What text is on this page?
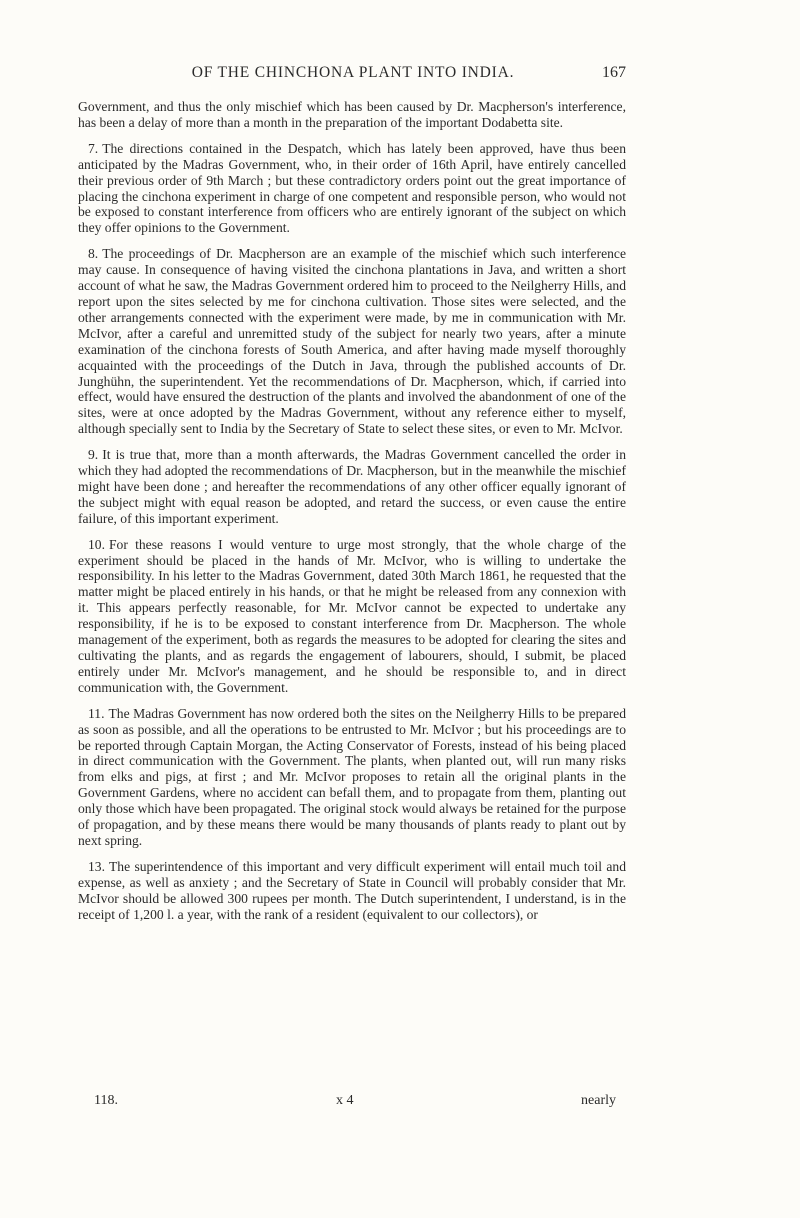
OF THE CHINCHONA PLANT INTO INDIA.	167

Government, and thus the only mischief which has been caused by Dr. Macpherson's interference, has been a delay of more than a month in the preparation of the important Dodabetta site.

7. The directions contained in the Despatch, which has lately been approved, have thus been anticipated by the Madras Government, who, in their order of 16th April, have entirely cancelled their previous order of 9th March ; but these contradictory orders point out the great importance of placing the cinchona experiment in charge of one competent and responsible person, who would not be exposed to constant interference from officers who are entirely ignorant of the subject on which they offer opinions to the Government.

8. The proceedings of Dr. Macpherson are an example of the mischief which such interference may cause. In consequence of having visited the cinchona plantations in Java, and written a short account of what he saw, the Madras Government ordered him to proceed to the Neilgherry Hills, and report upon the sites selected by me for cinchona cultivation. Those sites were selected, and the other arrangements connected with the experiment were made, by me in communication with Mr. McIvor, after a careful and unremitted study of the subject for nearly two years, after a minute examination of the cinchona forests of South America, and after having made myself thoroughly acquainted with the proceedings of the Dutch in Java, through the published accounts of Dr. Junghühn, the superintendent. Yet the recommendations of Dr. Macpherson, which, if carried into effect, would have ensured the destruction of the plants and involved the abandonment of one of the sites, were at once adopted by the Madras Government, without any reference either to myself, although specially sent to India by the Secretary of State to select these sites, or even to Mr. McIvor.

9. It is true that, more than a month afterwards, the Madras Government cancelled the order in which they had adopted the recommendations of Dr. Macpherson, but in the meanwhile the mischief might have been done ; and hereafter the recommendations of any other officer equally ignorant of the subject might with equal reason be adopted, and retard the success, or even cause the entire failure, of this important experiment.

10. For these reasons I would venture to urge most strongly, that the whole charge of the experiment should be placed in the hands of Mr. McIvor, who is willing to undertake the responsibility. In his letter to the Madras Government, dated 30th March 1861, he requested that the matter might be placed entirely in his hands, or that he might be released from any connexion with it. This appears perfectly reasonable, for Mr. McIvor cannot be expected to undertake any responsibility, if he is to be exposed to constant interference from Dr. Macpherson. The whole management of the experiment, both as regards the measures to be adopted for clearing the sites and cultivating the plants, and as regards the engagement of labourers, should, I submit, be placed entirely under Mr. McIvor's management, and he should be responsible to, and in direct communication with, the Government.

11. The Madras Government has now ordered both the sites on the Neilgherry Hills to be prepared as soon as possible, and all the operations to be entrusted to Mr. McIvor ; but his proceedings are to be reported through Captain Morgan, the Acting Conservator of Forests, instead of his being placed in direct communication with the Government. The plants, when planted out, will run many risks from elks and pigs, at first ; and Mr. McIvor proposes to retain all the original plants in the Government Gardens, where no accident can befall them, and to propagate from them, planting out only those which have been propagated. The original stock would always be retained for the purpose of propagation, and by these means there would be many thousands of plants ready to plant out by next spring.

13. The superintendence of this important and very difficult experiment will entail much toil and expense, as well as anxiety ; and the Secretary of State in Council will probably consider that Mr. McIvor should be allowed 300 rupees per month. The Dutch superintendent, I understand, is in the receipt of 1,200 l. a year, with the rank of a resident (equivalent to our collectors), or

118.	x 4	nearly
